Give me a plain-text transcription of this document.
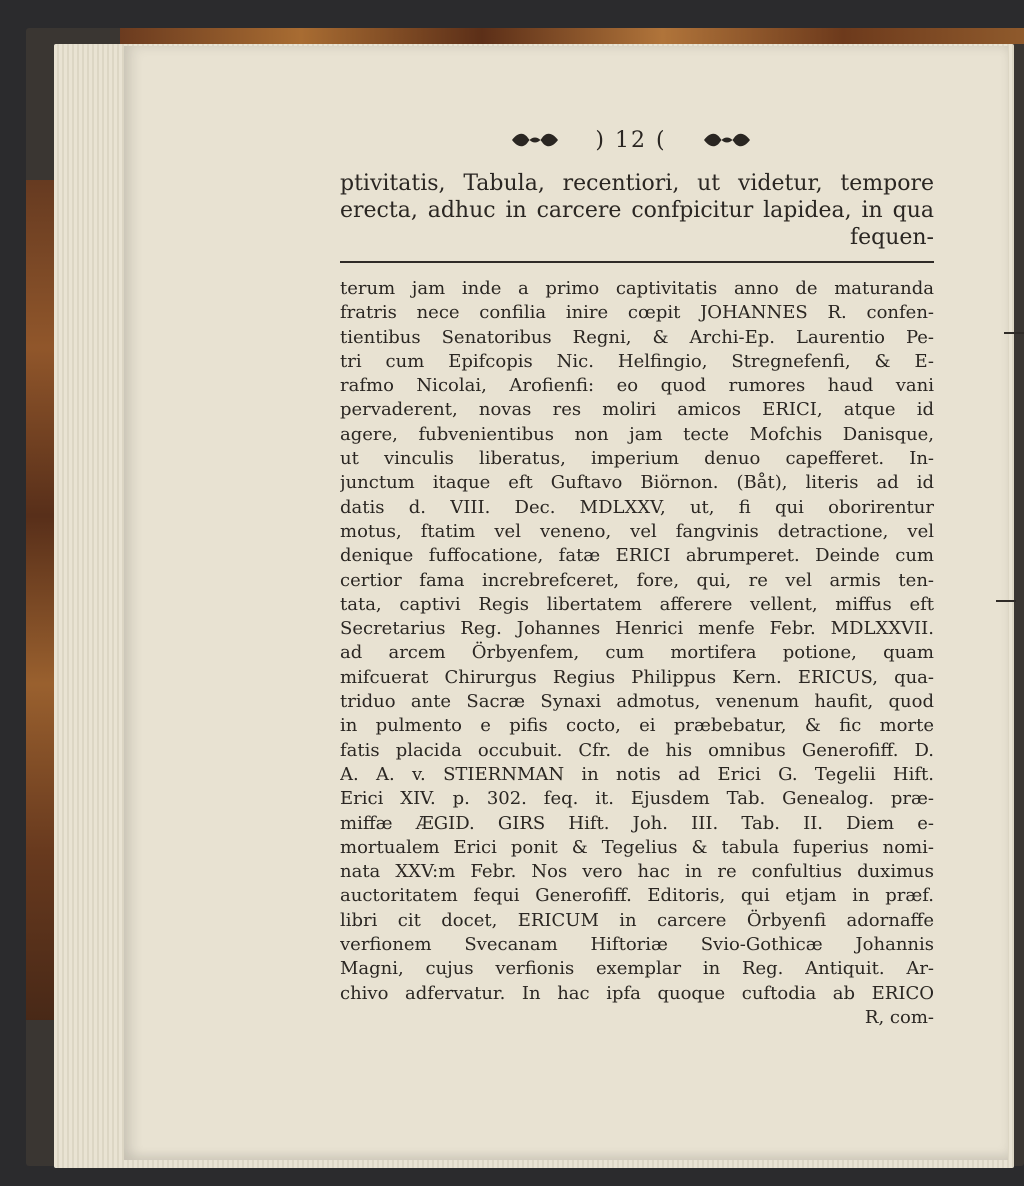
) 12 (
ptivitatis, Tabula, recentiori, ut videtur, tempore
erecta, adhuc in carcere confpicitur lapidea, in qua
fequen-
terum jam inde a primo captivitatis anno de maturanda
fratris nece confilia inire cœpit JOHANNES R. confen-
tientibus Senatoribus Regni, & Archi-Ep. Laurentio Pe-
tri cum Epifcopis Nic. Helfingio, Stregnefenfi, & E-
rafmo Nicolai, Arofienfi: eo quod rumores haud vani
pervaderent, novas res moliri amicos ERICI, atque id
agere, fubvenientibus non jam tecte Mofchis Danisque,
ut vinculis liberatus, imperium denuo capefferet. In-
junctum itaque eft Guftavo Biörnon. (Båt), literis ad id
datis d. VIII. Dec. MDLXXV, ut, fi qui oborirentur
motus, ftatim vel veneno, vel fangvinis detractione, vel
denique fuffocatione, fatæ ERICI abrumperet. Deinde cum
certior fama increbrefceret, fore, qui, re vel armis ten-
tata, captivi Regis libertatem afferere vellent, miffus eft
Secretarius Reg. Johannes Henrici menfe Febr. MDLXXVII.
ad arcem Örbyenfem, cum mortifera potione, quam
mifcuerat Chirurgus Regius Philippus Kern. ERICUS, qua-
triduo ante Sacræ Synaxi admotus, venenum haufit, quod
in pulmento e pifis cocto, ei præbebatur, & fic morte
fatis placida occubuit. Cfr. de his omnibus Generofiff. D.
A. A. v. STIERNMAN in notis ad Erici G. Tegelii Hift.
Erici XIV. p. 302. feq. it. Ejusdem Tab. Genealog. præ-
miffæ ÆGID. GIRS Hift. Joh. III. Tab. II. Diem e-
mortualem Erici ponit & Tegelius & tabula fuperius nomi-
nata XXV:m Febr. Nos vero hac in re confultius duximus
auctoritatem fequi Generofiff. Editoris, qui etjam in præf.
libri cit docet, ERICUM in carcere Örbyenfi adornaffe
verfionem Svecanam Hiftoriæ Svio-Gothicæ Johannis
Magni, cujus verfionis exemplar in Reg. Antiquit. Ar-
chivo adfervatur. In hac ipfa quoque cuftodia ab ERICO
R, com-
